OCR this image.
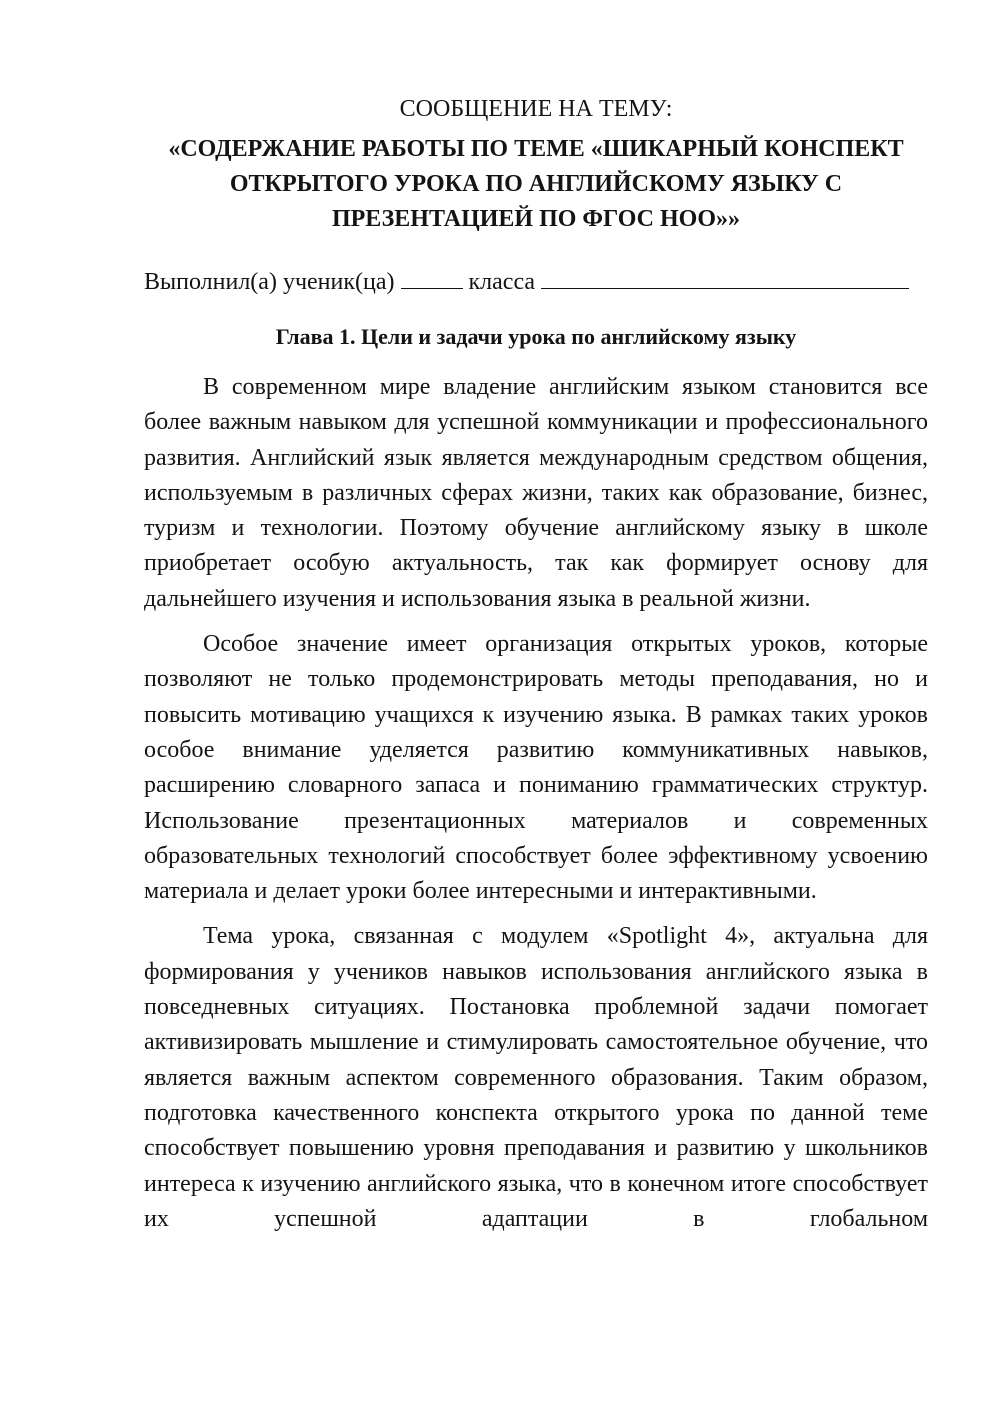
СООБЩЕНИЕ НА ТЕМУ:

«СОДЕРЖАНИЕ РАБОТЫ ПО ТЕМЕ «ШИКАРНЫЙ КОНСПЕКТ
ОТКРЫТОГО УРОКА ПО АНГЛИЙСКОМУ ЯЗЫКУ С
ПРЕЗЕНТАЦИЕЙ ПО ФГОС НОО»»

Выполнил(а) ученик(ца)	класса
Глава 1. Цели и задачи урока по английскому языку

В современном мире владение английским языком становится все более важным навыком для успешной коммуникации и профессионального развития. Английский язык является международным средством общения, используемым в различных сферах жизни, таких как образование, бизнес, туризм и технологии. Поэтому обучение английскому языку в школе приобретает особую актуальность, так как формирует основу для дальнейшего изучения и использования языка в реальной жизни.

Особое значение имеет организация открытых уроков, которые позволяют не только продемонстрировать методы преподавания, но и повысить мотивацию учащихся к изучению языка. В рамках таких уроков особое внимание уделяется развитию коммуникативных навыков, расширению словарного запаса и пониманию грамматических структур. Использование презентационных материалов и современных образовательных технологий способствует более эффективному усвоению материала и делает уроки более интересными и интерактивными.

Тема урока, связанная с модулем «Spotlight 4», актуальна для формирования у учеников навыков использования английского языка в повседневных ситуациях. Постановка проблемной задачи помогает активизировать мышление и стимулировать самостоятельное обучение, что является важным аспектом современного образования. Таким образом, подготовка качественного конспекта открытого урока по данной теме способствует повышению уровня преподавания и развитию у школьников интереса к изучению английского языка, что в конечном итоге способствует их успешной адаптации в глобальном
